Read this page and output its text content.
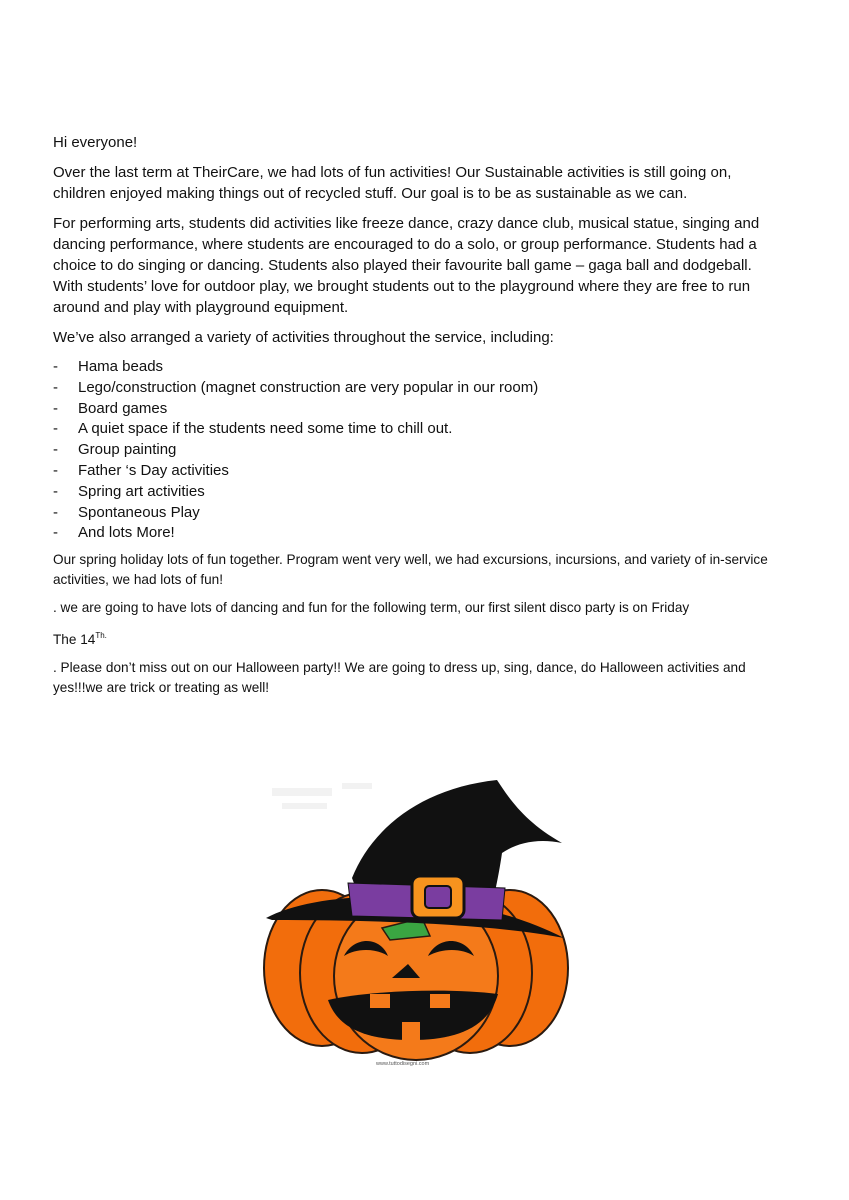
Hi everyone!

Over the last term at TheirCare, we had lots of fun activities! Our Sustainable activities is still going on, children enjoyed making things out of recycled stuff. Our goal is to be as sustainable as we can.

For performing arts, students did activities like freeze dance, crazy dance club, musical statue, singing and dancing performance, where students are encouraged to do a solo, or group performance. Students had a choice to do singing or dancing. Students also played their favourite ball game – gaga ball and dodgeball. With students’ love for outdoor play, we brought students out to the playground where they are free to run around and play with playground equipment.

We’ve also arranged a variety of activities throughout the service, including:

- Hama beads
- Lego/construction (magnet construction are very popular in our room)
- Board games
- A quiet space if the students need some time to chill out.
- Group painting
- Father ‘s Day activities
- Spring art activities
- Spontaneous Play
- And lots More!

Our spring holiday lots of fun together. Program went very well, we had excursions, incursions, and variety of in-service activities, we had lots of fun!

. we are going to have lots of dancing and fun for the following term, our first silent disco party is on Friday

The $14^{Th.}$

. Please don’t miss out on our Halloween party!! We are going to dress up, sing, dance, do Halloween activities and yes!!!we are trick or treating as well!

www.tuttodisegni.com
